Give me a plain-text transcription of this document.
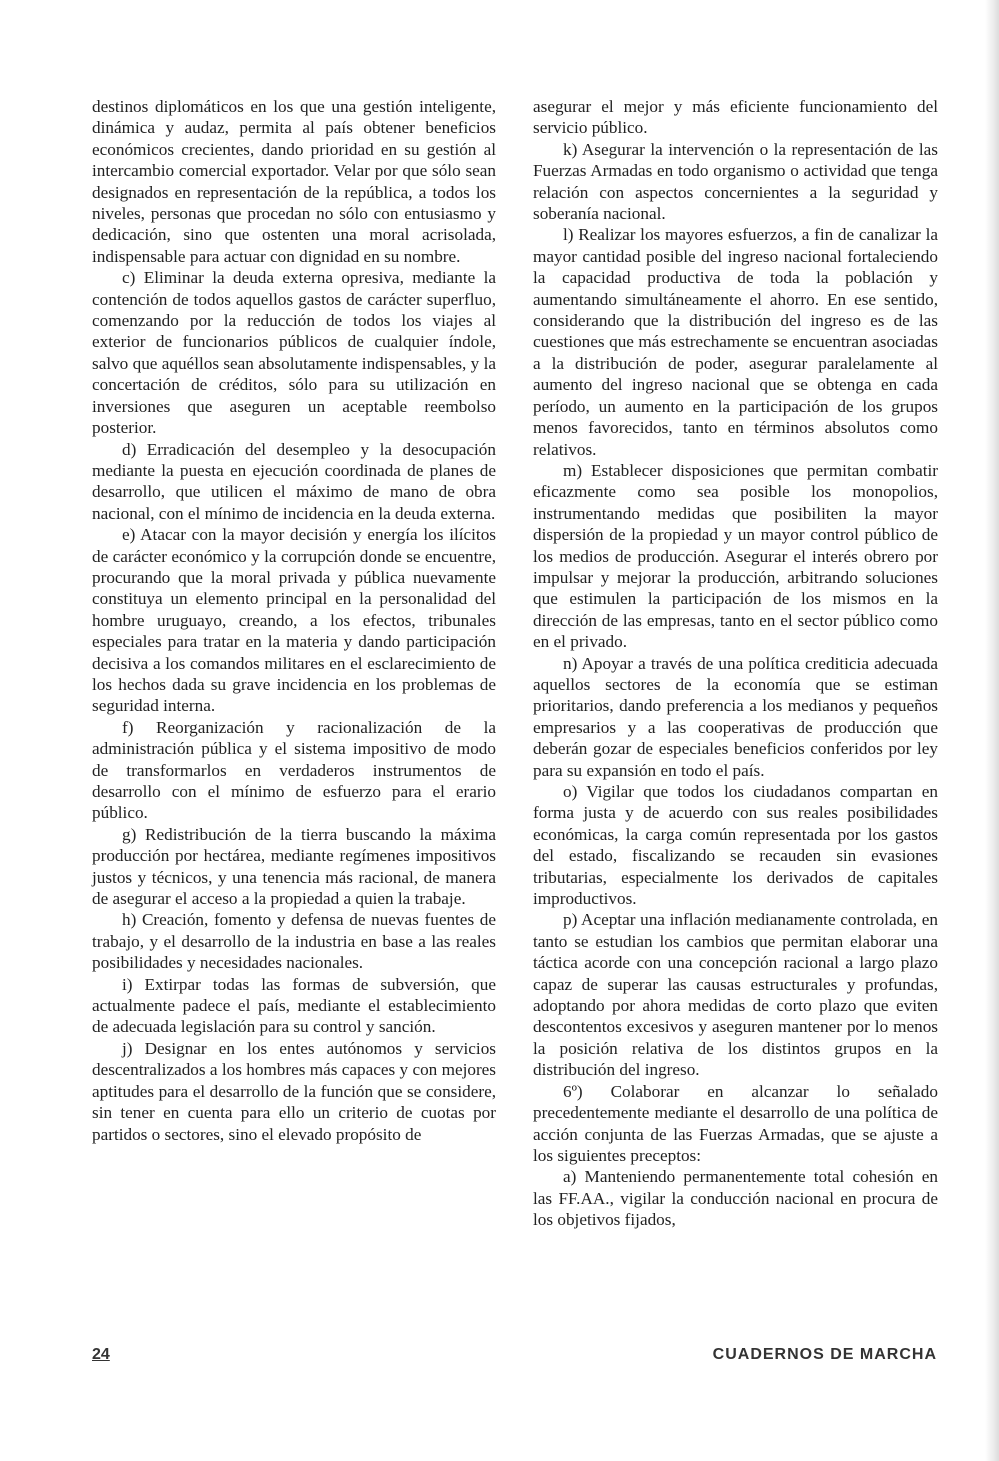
destinos diplomáticos en los que una gestión inteligente, dinámica y audaz, permita al país obtener beneficios económicos crecientes, dando prioridad en su gestión al intercambio comercial exportador. Velar por que sólo sean designados en representación de la república, a todos los niveles, personas que procedan no sólo con entusiasmo y dedicación, sino que ostenten una moral acrisolada, indispensable para actuar con dignidad en su nombre.

c) Eliminar la deuda externa opresiva, mediante la contención de todos aquellos gastos de carácter superfluo, comenzando por la reducción de todos los viajes al exterior de funcionarios públicos de cualquier índole, salvo que aquéllos sean absolutamente indispensables, y la concertación de créditos, sólo para su utilización en inversiones que aseguren un aceptable reembolso posterior.

d) Erradicación del desempleo y la desocupación mediante la puesta en ejecución coordinada de planes de desarrollo, que utilicen el máximo de mano de obra nacional, con el mínimo de incidencia en la deuda externa.

e) Atacar con la mayor decisión y energía los ilícitos de carácter económico y la corrupción donde se encuentre, procurando que la moral privada y pública nuevamente constituya un elemento principal en la personalidad del hombre uruguayo, creando, a los efectos, tribunales especiales para tratar en la materia y dando participación decisiva a los comandos militares en el esclarecimiento de los hechos dada su grave incidencia en los problemas de seguridad interna.

f) Reorganización y racionalización de la administración pública y el sistema impositivo de modo de transformarlos en verdaderos instrumentos de desarrollo con el mínimo de esfuerzo para el erario público.

g) Redistribución de la tierra buscando la máxima producción por hectárea, mediante regímenes impositivos justos y técnicos, y una tenencia más racional, de manera de asegurar el acceso a la propiedad a quien la trabaje.

h) Creación, fomento y defensa de nuevas fuentes de trabajo, y el desarrollo de la industria en base a las reales posibilidades y necesidades nacionales.

i) Extirpar todas las formas de subversión, que actualmente padece el país, mediante el establecimiento de adecuada legislación para su control y sanción.

j) Designar en los entes autónomos y servicios descentralizados a los hombres más capaces y con mejores aptitudes para el desarrollo de la función que se considere, sin tener en cuenta para ello un criterio de cuotas por partidos o sectores, sino el elevado propósito de

asegurar el mejor y más eficiente funcionamiento del servicio público.

k) Asegurar la intervención o la representación de las Fuerzas Armadas en todo organismo o actividad que tenga relación con aspectos concernientes a la seguridad y soberanía nacional.

l) Realizar los mayores esfuerzos, a fin de canalizar la mayor cantidad posible del ingreso nacional fortaleciendo la capacidad productiva de toda la población y aumentando simultáneamente el ahorro. En ese sentido, considerando que la distribución del ingreso es de las cuestiones que más estrechamente se encuentran asociadas a la distribución de poder, asegurar paralelamente al aumento del ingreso nacional que se obtenga en cada período, un aumento en la participación de los grupos menos favorecidos, tanto en términos absolutos como relativos.

m) Establecer disposiciones que permitan combatir eficazmente como sea posible los monopolios, instrumentando medidas que posibiliten la mayor dispersión de la propiedad y un mayor control público de los medios de producción. Asegurar el interés obrero por impulsar y mejorar la producción, arbitrando soluciones que estimulen la participación de los mismos en la dirección de las empresas, tanto en el sector público como en el privado.

n) Apoyar a través de una política crediticia adecuada aquellos sectores de la economía que se estiman prioritarios, dando preferencia a los medianos y pequeños empresarios y a las cooperativas de producción que deberán gozar de especiales beneficios conferidos por ley para su expansión en todo el país.

o) Vigilar que todos los ciudadanos compartan en forma justa y de acuerdo con sus reales posibilidades económicas, la carga común representada por los gastos del estado, fiscalizando se recauden sin evasiones tributarias, especialmente los derivados de capitales improductivos.

p) Aceptar una inflación medianamente controlada, en tanto se estudian los cambios que permitan elaborar una táctica acorde con una concepción racional a largo plazo capaz de superar las causas estructurales y profundas, adoptando por ahora medidas de corto plazo que eviten descontentos excesivos y aseguren mantener por lo menos la posición relativa de los distintos grupos en la distribución del ingreso.

6º) Colaborar en alcanzar lo señalado precedentemente mediante el desarrollo de una política de acción conjunta de las Fuerzas Armadas, que se ajuste a los siguientes preceptos:

a) Manteniendo permanentemente total cohesión en las FF.AA., vigilar la conducción nacional en procura de los objetivos fijados,

24	CUADERNOS DE MARCHA
